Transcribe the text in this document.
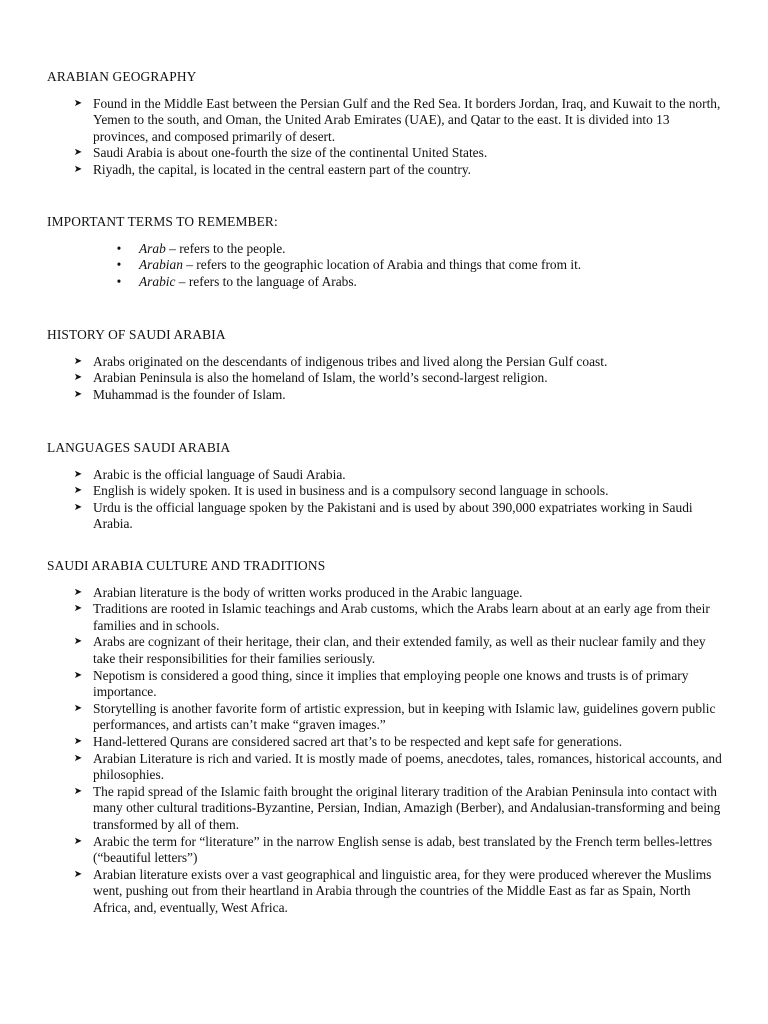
ARABIAN GEOGRAPHY
➤ Found in the Middle East between the Persian Gulf and the Red Sea. It borders Jordan, Iraq, and Kuwait to the north, Yemen to the south, and Oman, the United Arab Emirates (UAE), and Qatar to the east. It is divided into 13 provinces, and composed primarily of desert.
➤ Saudi Arabia is about one-fourth the size of the continental United States.
➤ Riyadh, the capital, is located in the central eastern part of the country.
IMPORTANT TERMS TO REMEMBER:
• Arab – refers to the people.
• Arabian – refers to the geographic location of Arabia and things that come from it.
• Arabic – refers to the language of Arabs.
HISTORY OF SAUDI ARABIA
➤ Arabs originated on the descendants of indigenous tribes and lived along the Persian Gulf coast.
➤ Arabian Peninsula is also the homeland of Islam, the world’s second-largest religion.
➤ Muhammad is the founder of Islam.
LANGUAGES SAUDI ARABIA
➤ Arabic is the official language of Saudi Arabia.
➤ English is widely spoken. It is used in business and is a compulsory second language in schools.
➤ Urdu is the official language spoken by the Pakistani and is used by about 390,000 expatriates working in Saudi Arabia.
SAUDI ARABIA CULTURE AND TRADITIONS
➤ Arabian literature is the body of written works produced in the Arabic language.
➤ Traditions are rooted in Islamic teachings and Arab customs, which the Arabs learn about at an early age from their families and in schools.
➤ Arabs are cognizant of their heritage, their clan, and their extended family, as well as their nuclear family and they take their responsibilities for their families seriously.
➤ Nepotism is considered a good thing, since it implies that employing people one knows and trusts is of primary importance.
➤ Storytelling is another favorite form of artistic expression, but in keeping with Islamic law, guidelines govern public performances, and artists can’t make “graven images.”
➤ Hand-lettered Qurans are considered sacred art that’s to be respected and kept safe for generations.
➤ Arabian Literature is rich and varied. It is mostly made of poems, anecdotes, tales, romances, historical accounts, and philosophies.
➤ The rapid spread of the Islamic faith brought the original literary tradition of the Arabian Peninsula into contact with many other cultural traditions-Byzantine, Persian, Indian, Amazigh (Berber), and Andalusian-transforming and being transformed by all of them.
➤ Arabic the term for “literature” in the narrow English sense is adab, best translated by the French term belles-lettres (“beautiful letters”)
➤ Arabian literature exists over a vast geographical and linguistic area, for they were produced wherever the Muslims went, pushing out from their heartland in Arabia through the countries of the Middle East as far as Spain, North Africa, and, eventually, West Africa.
